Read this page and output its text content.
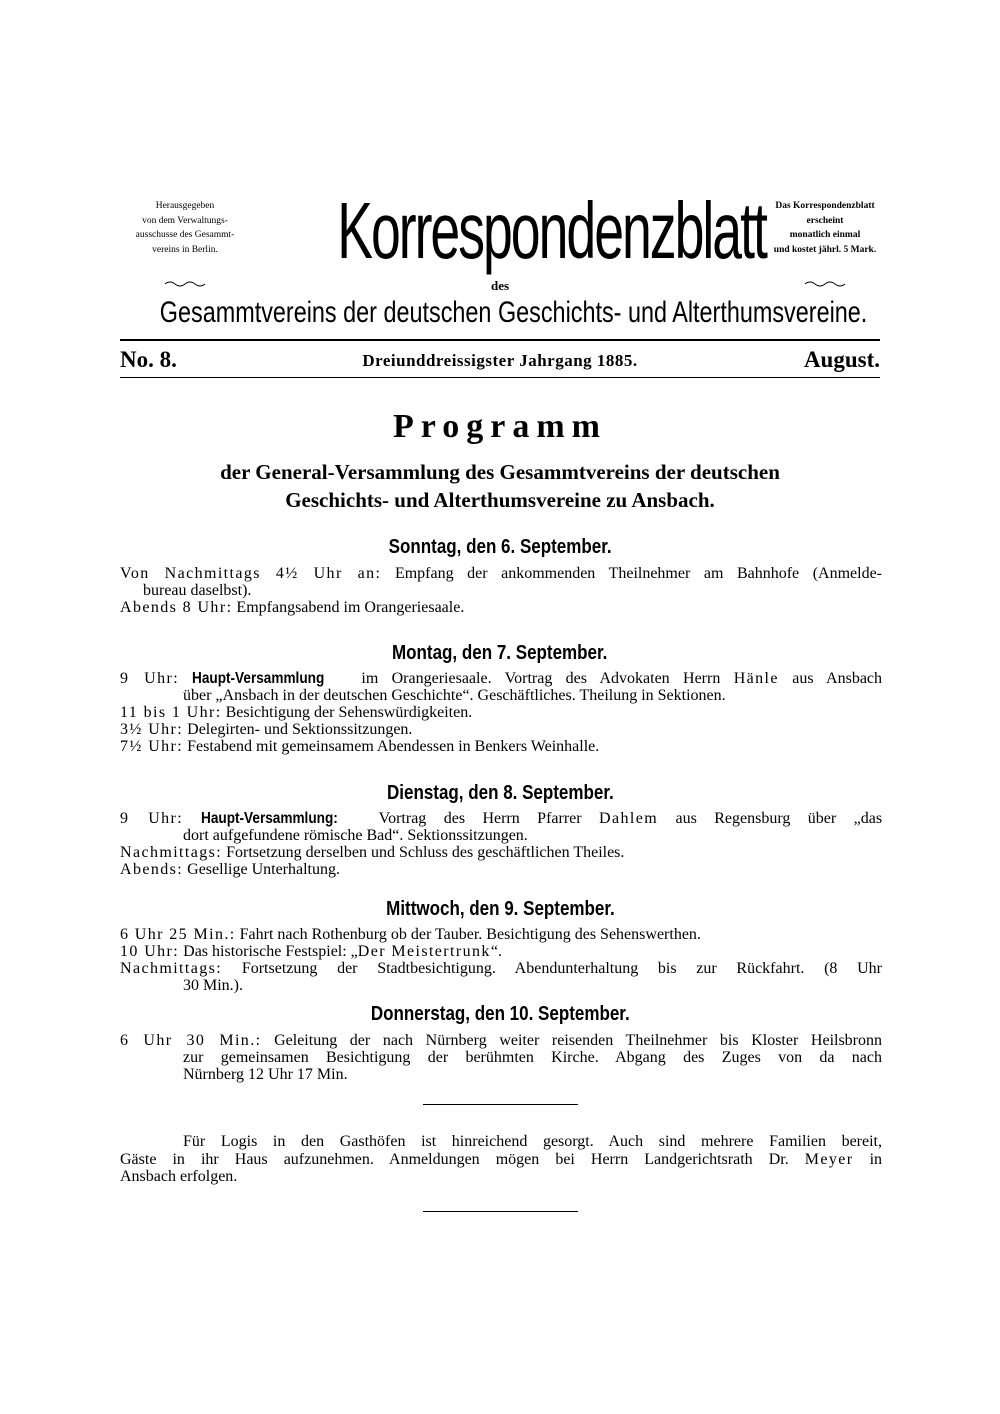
Herausgegeben
von dem Verwaltungs-
ausschusse des Gesammt-
vereins in Berlin.	Korrespondenzblatt
des
Das Korrespondenzblatt
erscheint
monatlich einmal
und kostet jährl. 5 Mark.
Gesammtvereins der deutschen Geschichts- und Alterthumsvereine.
No. 8.	Dreiunddreissigster Jahrgang 1885.	August.
Programm
der General-Versammlung des Gesammtvereins der deutschen
Geschichts- und Alterthumsvereine zu Ansbach.
Sonntag, den 6. September.
Von Nachmittags 4½ Uhr an: Empfang der ankommenden Theilnehmer am Bahnhofe (Anmelde-
bureau daselbst).
Abends 8 Uhr: Empfangsabend im Orangeriesaale.
Montag, den 7. September.
9 Uhr: Haupt-Versammlung im Orangeriesaale. Vortrag des Advokaten Herrn Hänle aus Ansbach
über „Ansbach in der deutschen Geschichte“. Geschäftliches. Theilung in Sektionen.
11 bis 1 Uhr: Besichtigung der Sehenswürdigkeiten.
3½ Uhr: Delegirten- und Sektionssitzungen.
7½ Uhr: Festabend mit gemeinsamem Abendessen in Benkers Weinhalle.
Dienstag, den 8. September.
9 Uhr: Haupt-Versammlung:	Vortrag des Herrn Pfarrer Dahlem aus Regensburg über „das
dort aufgefundene römische Bad“. Sektionssitzungen.
Nachmittags: Fortsetzung derselben und Schluss des geschäftlichen Theiles.
Abends: Gesellige Unterhaltung.
Mittwoch, den 9. September.
6 Uhr 25 Min.: Fahrt nach Rothenburg ob der Tauber. Besichtigung des Sehenswerthen.
10 Uhr: Das historische Festspiel: „Der Meistertrunk“.
Nachmittags: Fortsetzung der Stadtbesichtigung. Abendunterhaltung bis zur Rückfahrt. (8 Uhr
30 Min.).
Donnerstag, den 10. September.
6 Uhr 30 Min.: Geleitung der nach Nürnberg weiter reisenden Theilnehmer bis Kloster Heilsbronn
zur gemeinsamen Besichtigung der berühmten Kirche. Abgang des Zuges von da nach
Nürnberg 12 Uhr 17 Min.
Für Logis in den Gasthöfen ist hinreichend gesorgt. Auch sind mehrere Familien bereit,
Gäste in ihr Haus aufzunehmen. Anmeldungen mögen bei Herrn Landgerichtsrath Dr. Meyer in
Ansbach erfolgen.
